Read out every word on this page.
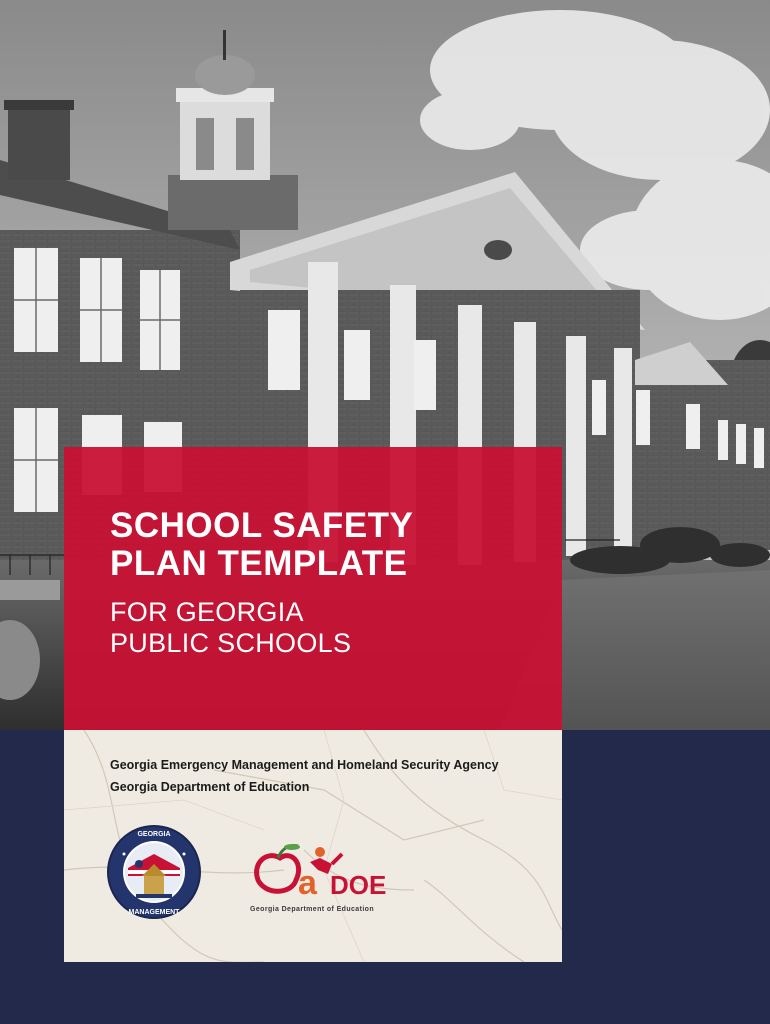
SCHOOL SAFETY

PLAN TEMPLATE

FOR GEORGIA

PUBLIC SCHOOLS

Georgia Emergency Management and Homeland Security Agency
Georgia Department of Education
GEORGIA
MANAGEMENT
a DOE
Georgia Department of Education
